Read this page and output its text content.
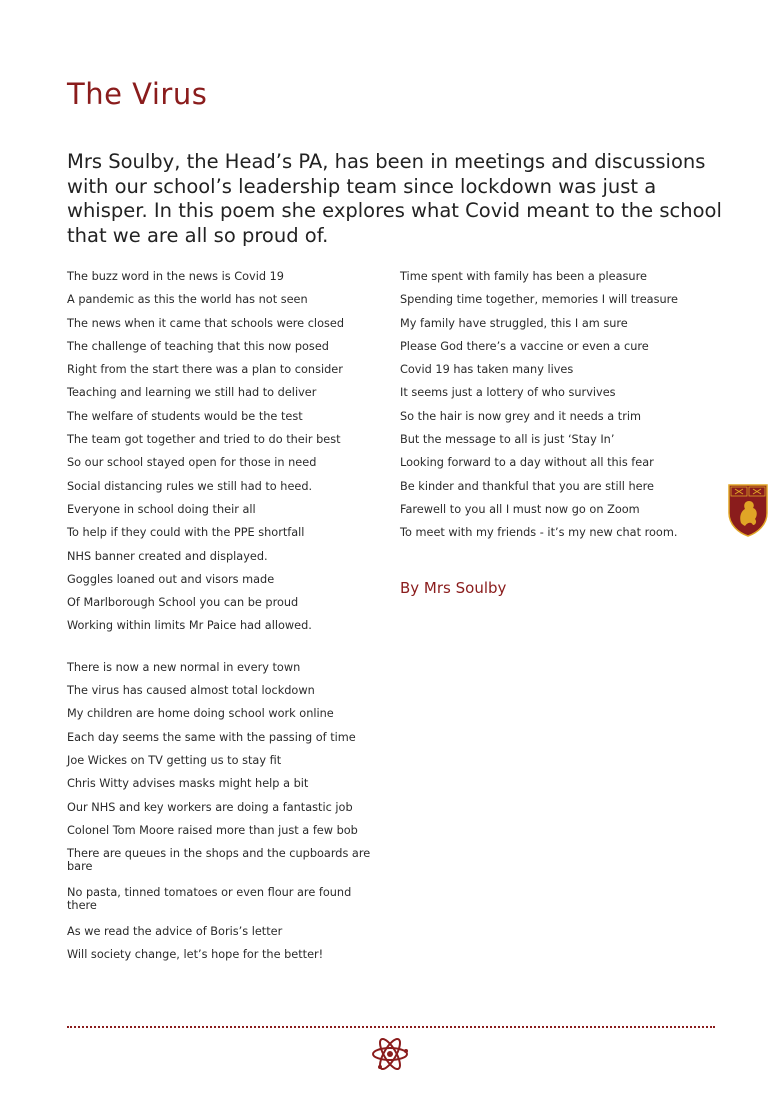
The Virus

Mrs Soulby, the Head’s PA, has been in meetings and discussions with our school’s leadership team since lockdown was just a whisper. In this poem she explores what Covid meant to the school that we are all so proud of.

The buzz word in the news is Covid 19
A pandemic as this the world has not seen
The news when it came that schools were closed
The challenge of teaching that this now posed
Right from the start there was a plan to consider
Teaching and learning we still had to deliver
The welfare of students would be the test
The team got together and tried to do their best
So our school stayed open for those in need
Social distancing rules we still had to heed.
Everyone in school doing their all
To help if they could with the PPE shortfall
NHS banner created and displayed.
Goggles loaned out and visors made
Of Marlborough School you can be proud
Working within limits Mr Paice had allowed.
There is now a new normal in every town
The virus has caused almost total lockdown
My children are home doing school work online
Each day seems the same with the passing of time
Joe Wickes on TV getting us to stay fit
Chris Witty advises masks might help a bit
Our NHS and key workers are doing a fantastic job
Colonel Tom Moore raised more than just a few bob
There are queues in the shops and the cupboards are bare
No pasta, tinned tomatoes or even flour are found there
As we read the advice of Boris’s letter
Will society change, let’s hope for the better!
Time spent with family has been a pleasure
Spending time together, memories I will treasure
My family have struggled, this I am sure
Please God there’s a vaccine or even a cure
Covid 19 has taken many lives
It seems just a lottery of who survives
So the hair is now grey and it needs a trim
But the message to all is just ‘Stay In’
Looking forward to a day without all this fear
Be kinder and thankful that you are still here
Farewell to you all I must now go on Zoom
To meet with my friends - it’s my new chat room.
By Mrs Soulby
